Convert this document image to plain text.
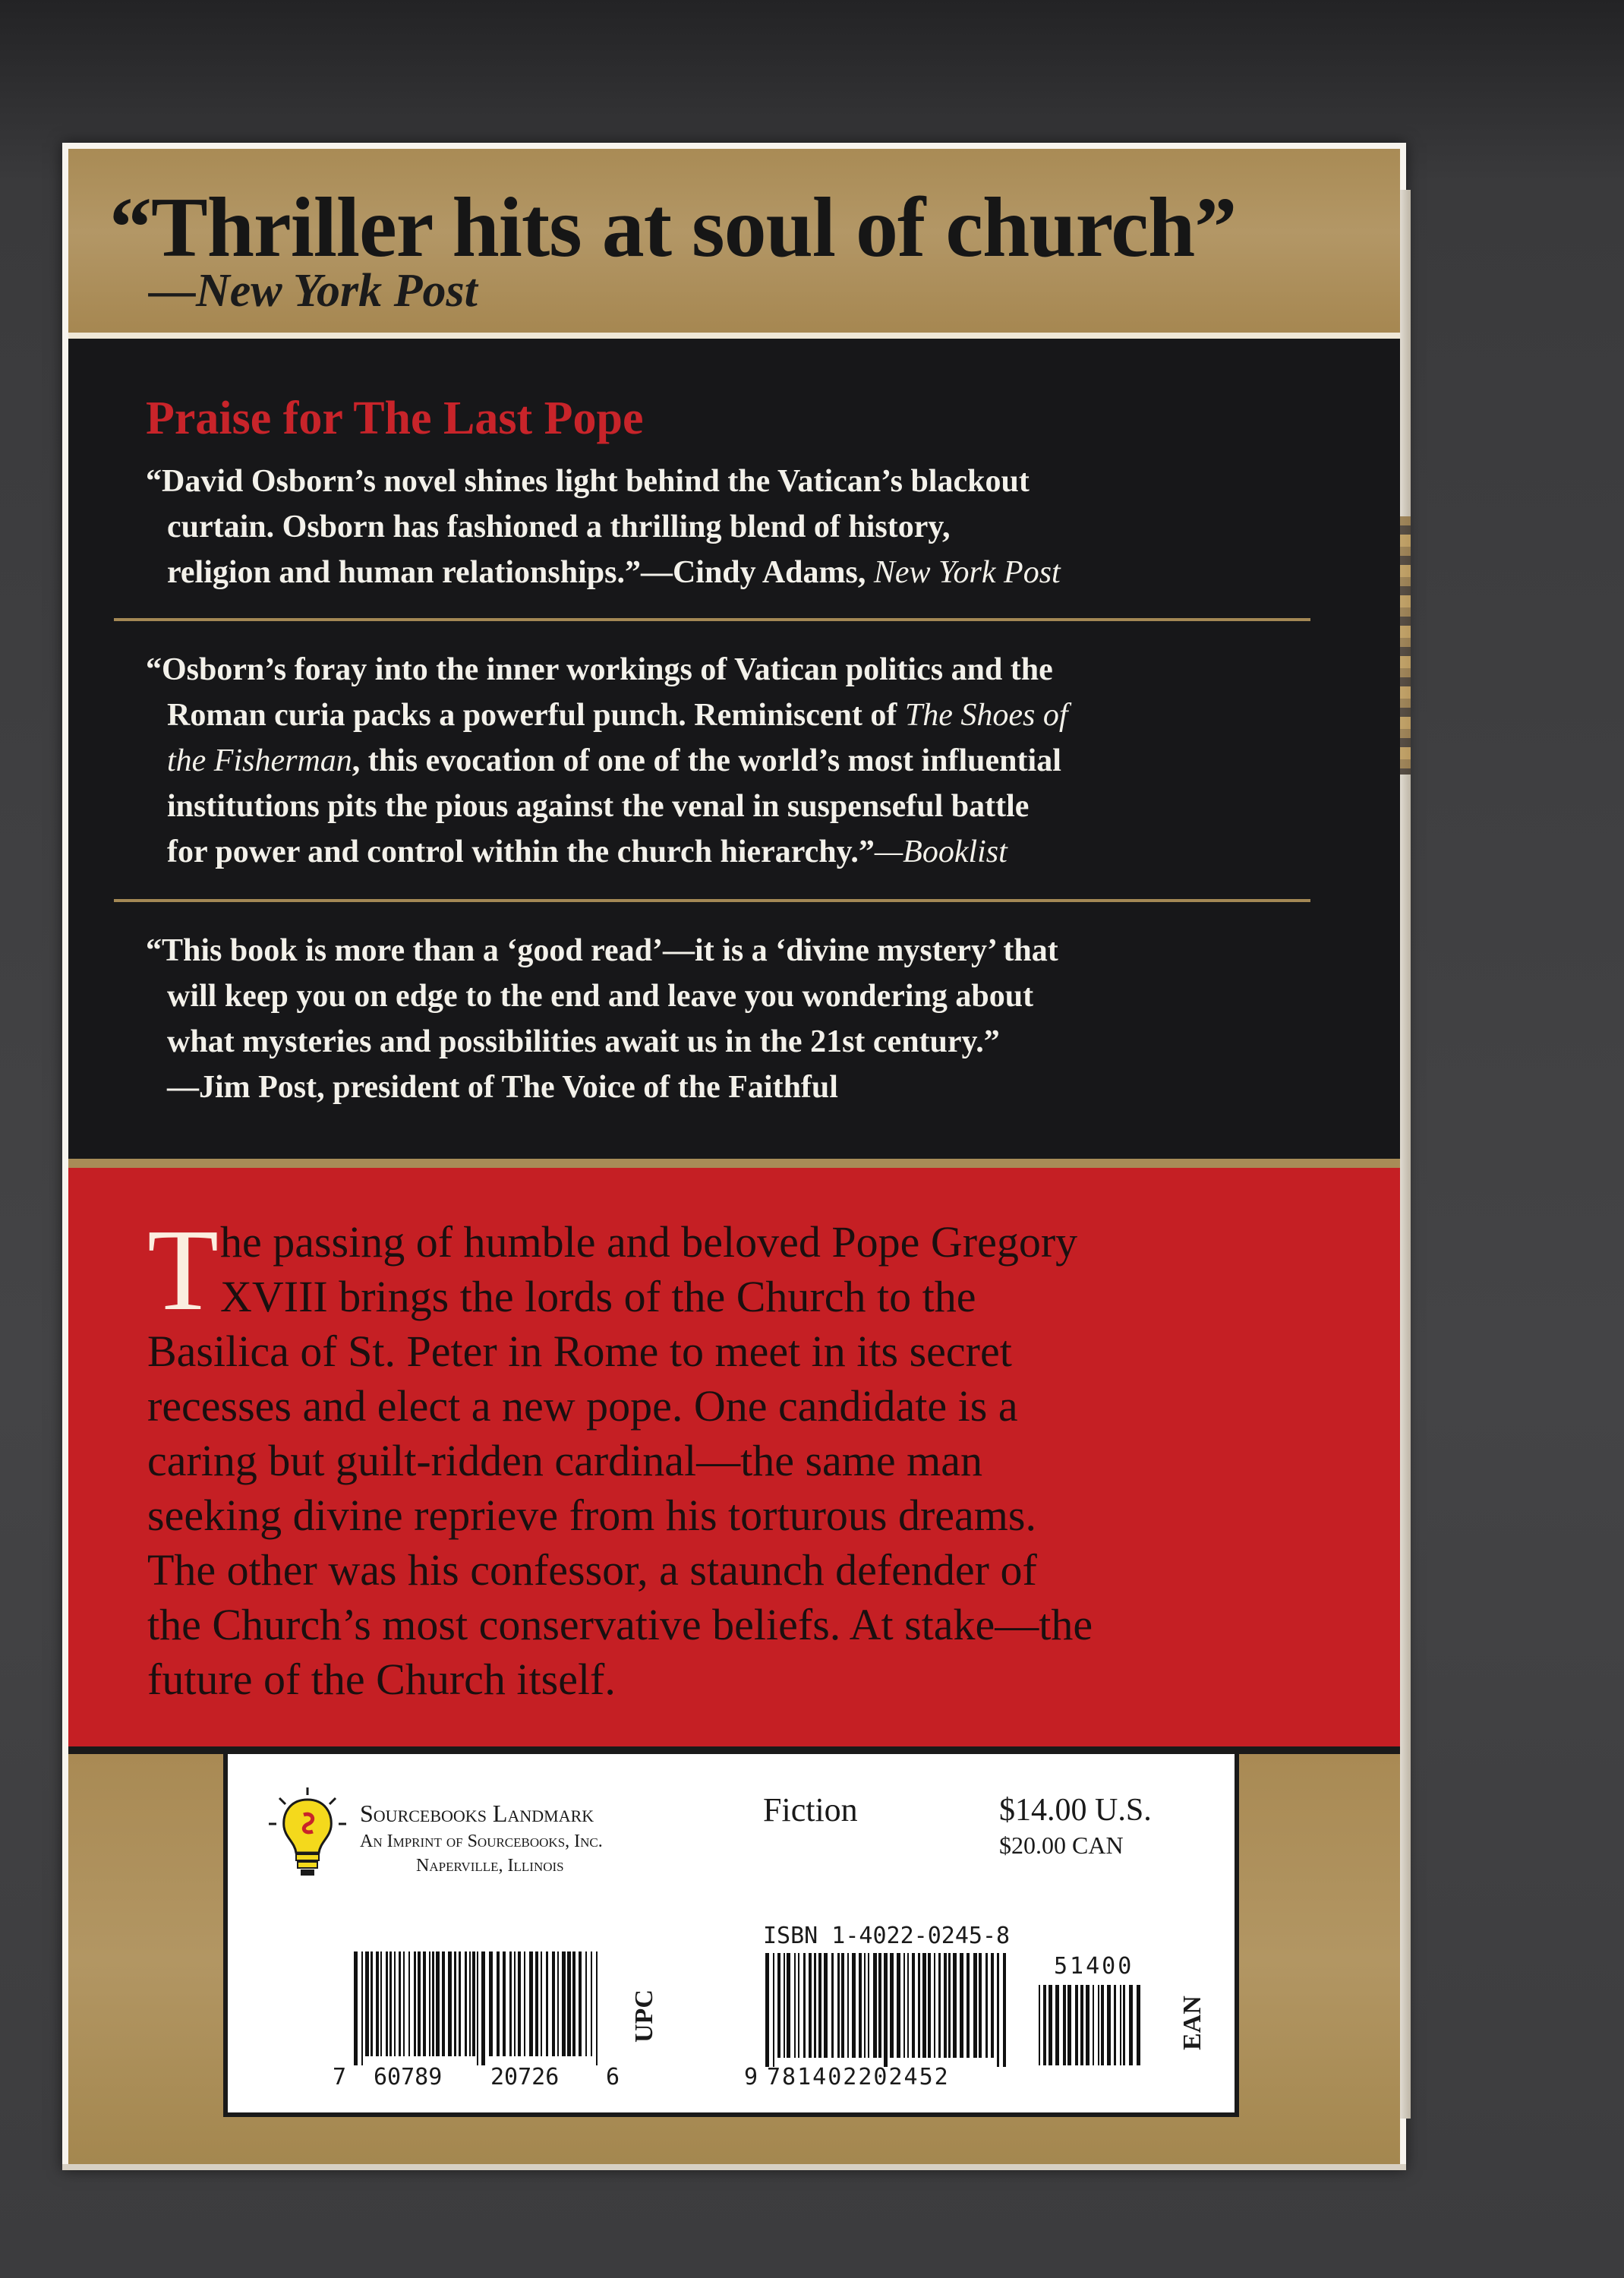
“Thriller hits at soul of church”
—New York Post
Praise for The Last Pope
“David Osborn’s novel shines light behind the Vatican’s blackout
curtain. Osborn has fashioned a thrilling blend of history,
religion and human relationships.”—Cindy Adams, New York Post
“Osborn’s foray into the inner workings of Vatican politics and the
Roman curia packs a powerful punch. Reminiscent of The Shoes of
the Fisherman, this evocation of one of the world’s most influential
institutions pits the pious against the venal in suspenseful battle
for power and control within the church hierarchy.”—Booklist
“This book is more than a ‘good read’—it is a ‘divine mystery’ that
will keep you on edge to the end and leave you wondering about
what mysteries and possibilities await us in the 21st century.”
—Jim Post, president of The Voice of the Faithful
T he passing of humble and beloved Pope Gregory
XVIII brings the lords of the Church to the
Basilica of St. Peter in Rome to meet in its secret
recesses and elect a new pope. One candidate is a
caring but guilt-ridden cardinal—the same man
seeking divine reprieve from his torturous dreams.
The other was his confessor, a staunch defender of
the Church’s most conservative beliefs. At stake—the
future of the Church itself.
Sourcebooks Landmark
An Imprint of Sourcebooks, Inc.
Naperville, Illinois
Fiction	$14.00 U.S.
$20.00 CAN
ISBN 1-4022-0245-8
7 60789 20726 6
UPC
9 781402202452
51400
EAN
